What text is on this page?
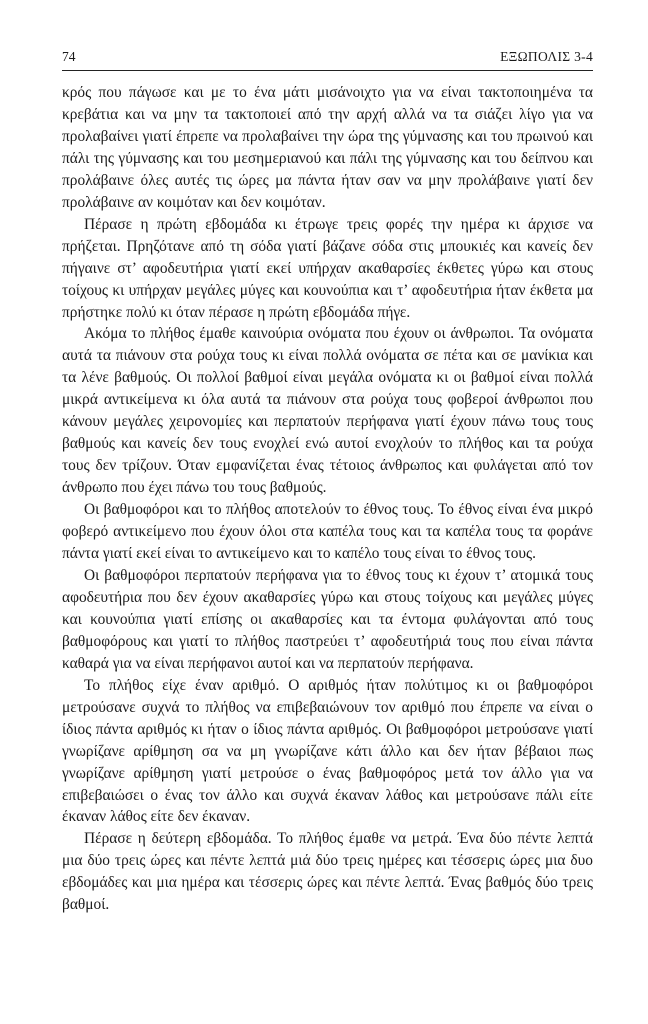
74	ΕΞΩΠΟΛΙΣ 3-4

κρός που πάγωσε και με το ένα μάτι μισάνοιχτο για να είναι τακτοποιημένα τα κρεβάτια και να μην τα τακτοποιεί από την αρχή αλλά να τα σιάζει λίγο για να προλαβαίνει γιατί έπρεπε να προλαβαίνει την ώρα της γύμνασης και του πρωινού και πάλι της γύμνασης και του μεσημεριανού και πάλι της γύμνασης και του δείπνου και προλάβαινε όλες αυτές τις ώρες μα πάντα ήταν σαν να μην προλάβαινε γιατί δεν προλάβαινε αν κοιμόταν και δεν κοιμόταν.

Πέρασε η πρώτη εβδομάδα κι έτρωγε τρεις φορές την ημέρα κι άρχισε να πρήζεται. Πρηζότανε από τη σόδα γιατί βάζανε σόδα στις μπουκιές και κανείς δεν πήγαινε στ’ αφοδευτήρια γιατί εκεί υπήρχαν ακαθαρσίες έκθετες γύρω και στους τοίχους κι υπήρχαν μεγάλες μύγες και κουνούπια και τ’ αφοδευτήρια ήταν έκθετα μα πρήστηκε πολύ κι όταν πέρασε η πρώτη εβδομάδα πήγε.

Ακόμα το πλήθος έμαθε καινούρια ονόματα που έχουν οι άνθρωποι. Τα ονόματα αυτά τα πιάνουν στα ρούχα τους κι είναι πολλά ονόματα σε πέτα και σε μανίκια και τα λένε βαθμούς. Οι πολλοί βαθμοί είναι μεγάλα ονόματα κι οι βαθμοί είναι πολλά μικρά αντικείμενα κι όλα αυτά τα πιάνουν στα ρούχα τους φοβεροί άνθρωποι που κάνουν μεγάλες χειρονομίες και περπατούν περήφανα γιατί έχουν πάνω τους τους βαθμούς και κανείς δεν τους ενοχλεί ενώ αυτοί ενοχλούν το πλήθος και τα ρούχα τους δεν τρίζουν. Όταν εμφανίζεται ένας τέτοιος άνθρωπος και φυλάγεται από τον άνθρωπο που έχει πάνω του τους βαθμούς.

Οι βαθμοφόροι και το πλήθος αποτελούν το έθνος τους. Το έθνος είναι ένα μικρό φοβερό αντικείμενο που έχουν όλοι στα καπέλα τους και τα καπέλα τους τα φοράνε πάντα γιατί εκεί είναι το αντικείμενο και το καπέλο τους είναι το έθνος τους.

Οι βαθμοφόροι περπατούν περήφανα για το έθνος τους κι έχουν τ’ ατομικά τους αφοδευτήρια που δεν έχουν ακαθαρσίες γύρω και στους τοίχους και μεγάλες μύγες και κουνούπια γιατί επίσης οι ακαθαρσίες και τα έντομα φυλάγονται από τους βαθμοφόρους και γιατί το πλήθος παστρεύει τ’ αφοδευτήριά τους που είναι πάντα καθαρά για να είναι περήφανοι αυτοί και να περπατούν περήφανα.

Το πλήθος είχε έναν αριθμό. Ο αριθμός ήταν πολύτιμος κι οι βαθμοφόροι μετρούσανε συχνά το πλήθος να επιβεβαιώνουν τον αριθμό που έπρεπε να είναι ο ίδιος πάντα αριθμός κι ήταν ο ίδιος πάντα αριθμός. Οι βαθμοφόροι μετρούσανε γιατί γνωρίζανε αρίθμηση σα να μη γνωρίζανε κάτι άλλο και δεν ήταν βέβαιοι πως γνωρίζανε αρίθμηση γιατί μετρούσε ο ένας βαθμοφόρος μετά τον άλλο για να επιβεβαιώσει ο ένας τον άλλο και συχνά έκαναν λάθος και μετρούσανε πάλι είτε έκαναν λάθος είτε δεν έκαναν.

Πέρασε η δεύτερη εβδομάδα. Το πλήθος έμαθε να μετρά. Ένα δύο πέντε λεπτά μια δύο τρεις ώρες και πέντε λεπτά μιά δύο τρεις ημέρες και τέσσερις ώρες μια δυο εβδομάδες και μια ημέρα και τέσσερις ώρες και πέντε λεπτά. Ένας βαθμός δύο τρεις βαθμοί.
